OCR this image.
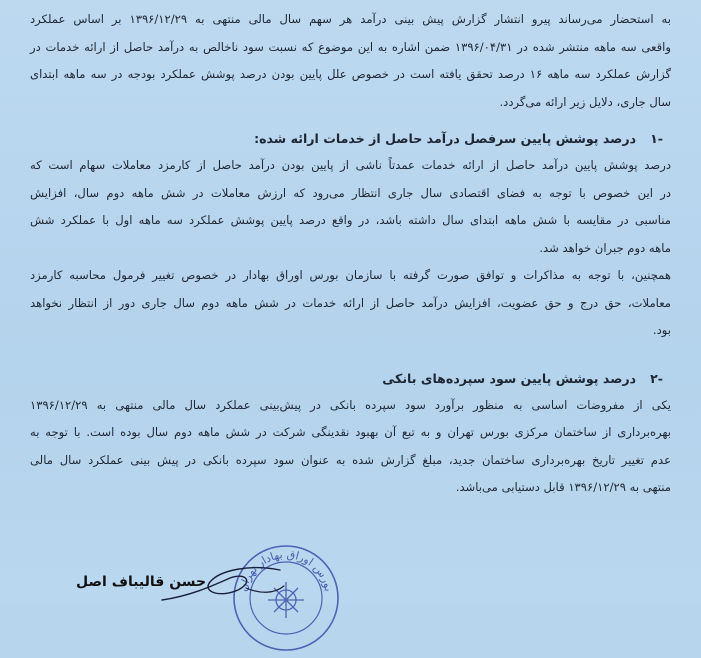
به استحضار می‌رساند پیرو انتشار گزارش پیش بینی درآمد هر سهم سال مالی منتهی به ۱۳۹۶/۱۲/۲۹ بر اساس عملکرد
واقعی سه ماهه منتشر شده در ۱۳۹۶/۰۴/۳۱ ضمن اشاره به این موضوع که نسبت سود ناخالص به درآمد حاصل از ارائه خدمات در
گزارش عملکرد سه ماهه ۱۶ درصد تحقق یافته است در خصوص علل پایین بودن درصد پوشش عملکرد بودجه در سه ماهه ابتدای
سال جاری، دلایل زیر ارائه می‌گردد.

-۱درصد پوشش پایین سرفصل درآمد حاصل از خدمات ارائه شده:

درصد پوشش پایین درآمد حاصل از ارائه خدمات عمدتاً ناشی از پایین بودن درآمد حاصل از کارمزد معاملات سهام است که
در این خصوص با توجه به فضای اقتصادی سال جاری انتظار می‌رود که ارزش معاملات در شش ماهه دوم سال، افزایش
مناسبی در مقایسه با شش ماهه ابتدای سال داشته باشد، در واقع درصد پایین پوشش عملکرد سه ماهه اول با عملکرد شش
ماهه دوم جبران خواهد شد.

همچنین، با توجه به مذاکرات و توافق صورت گرفته با سازمان بورس اوراق بهادار در خصوص تغییر فرمول محاسبه کارمزد
معاملات، حق درج و حق عضویت، افزایش درآمد حاصل از ارائه خدمات در شش ماهه دوم سال جاری دور از انتظار نخواهد
بود.

-۲درصد پوشش پایین سود سپرده‌های بانکی

یکی از مفروضات اساسی به منظور برآورد سود سپرده بانکی در پیش‌بینی عملکرد سال مالی منتهی به ۱۳۹۶/۱۲/۲۹
بهره‌برداری از ساختمان مرکزی بورس تهران و به تبع آن بهبود نقدینگی شرکت در شش ماهه دوم سال بوده است. با توجه به
عدم تغییر تاریخ بهره‌برداری ساختمان جدید، مبلغ گزارش شده به عنوان سود سپرده بانکی در پیش بینی عملکرد سال مالی
منتهی به ۱۳۹۶/۱۲/۲۹ قابل دستیابی می‌باشد.

بورس اوراق بهادار تهران
حسن قالیباف اصل
